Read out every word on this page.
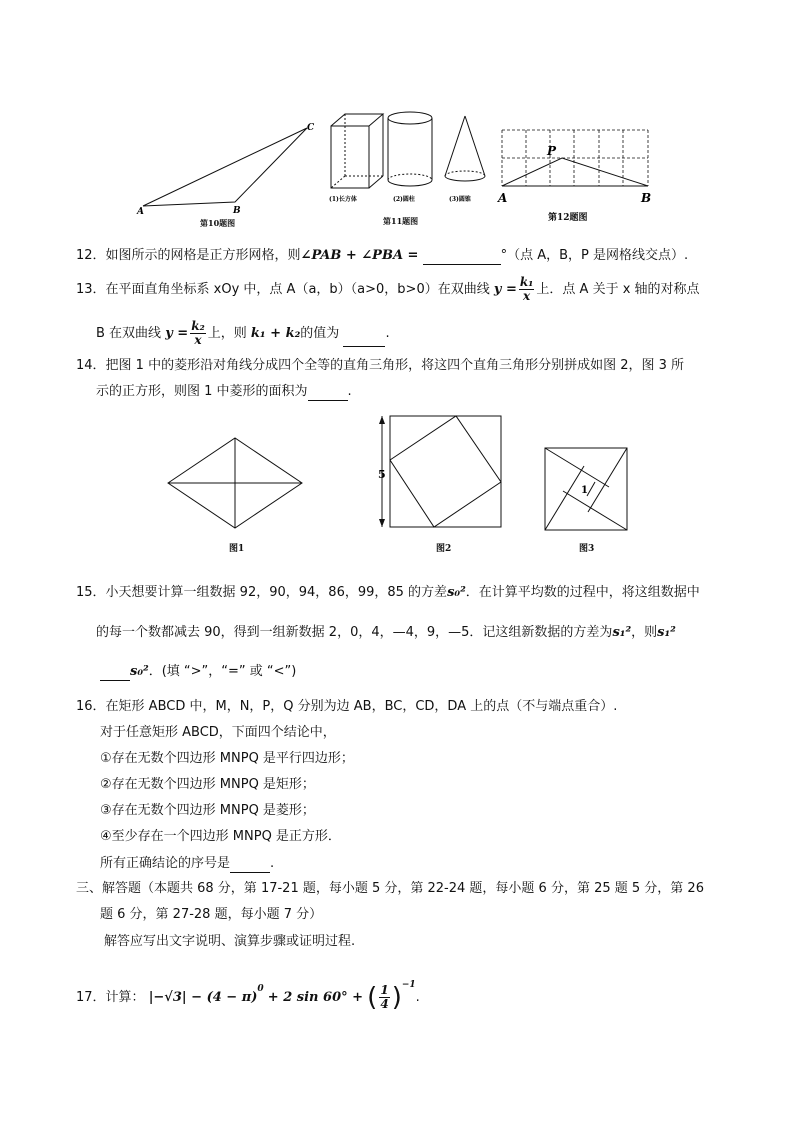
A	B
C
第10题图
(1)长方体	(2)圆柱	(3)圆锥
第11题图
P
A	B
第12题图
12．如图所示的网格是正方形网格，则∠PAB + ∠PBA =	°（点 A，B，P 是网格线交点）.
13．在平面直角坐标系 xOy 中，点 A（a，b）（a>0，b>0）在双曲线 $y = \frac{\text{k₁}}{x}$ 上．点 A 关于 x 轴的对称点
B 在双曲线 $y = \frac{\text{k₂}}{x}$ 上，则 k₁ + k₂的值为	.
14．把图 1 中的菱形沿对角线分成四个全等的直角三角形，将这四个直角三角形分别拼成如图 2，图 3 所
示的正方形，则图 1 中菱形的面积为	.
图1
5
图2
1
图3
15．小天想要计算一组数据 92，90，94，86，99，85 的方差s₀²．在计算平均数的过程中，将这组数据中
的每一个数都减去 90，得到一组新数据 2，0，4，—4，9，—5．记这组新数据的方差为s₁²，则s₁²
s₀²．(填 “>”，“=” 或 “<”)
16．在矩形 ABCD 中，M，N，P，Q 分别为边 AB，BC，CD，DA 上的点（不与端点重合）.
对于任意矩形 ABCD，下面四个结论中，
①存在无数个四边形 MNPQ 是平行四边形；
②存在无数个四边形 MNPQ 是矩形；
③存在无数个四边形 MNPQ 是菱形；
④至少存在一个四边形 MNPQ 是正方形．
所有正确结论的序号是	.
三、解答题（本题共 68 分，第 17-21 题，每小题 5 分，第 22-24 题，每小题 6 分，第 25 题 5 分，第 26
题 6 分，第 27-28 题，每小题 7 分）
解答应写出文字说明、演算步骤或证明过程.
17．计算： $|-√3| - (4 - \pi)^0 + 2$ sin 60° + ( $\frac{1}{4} )^{-1}$.
